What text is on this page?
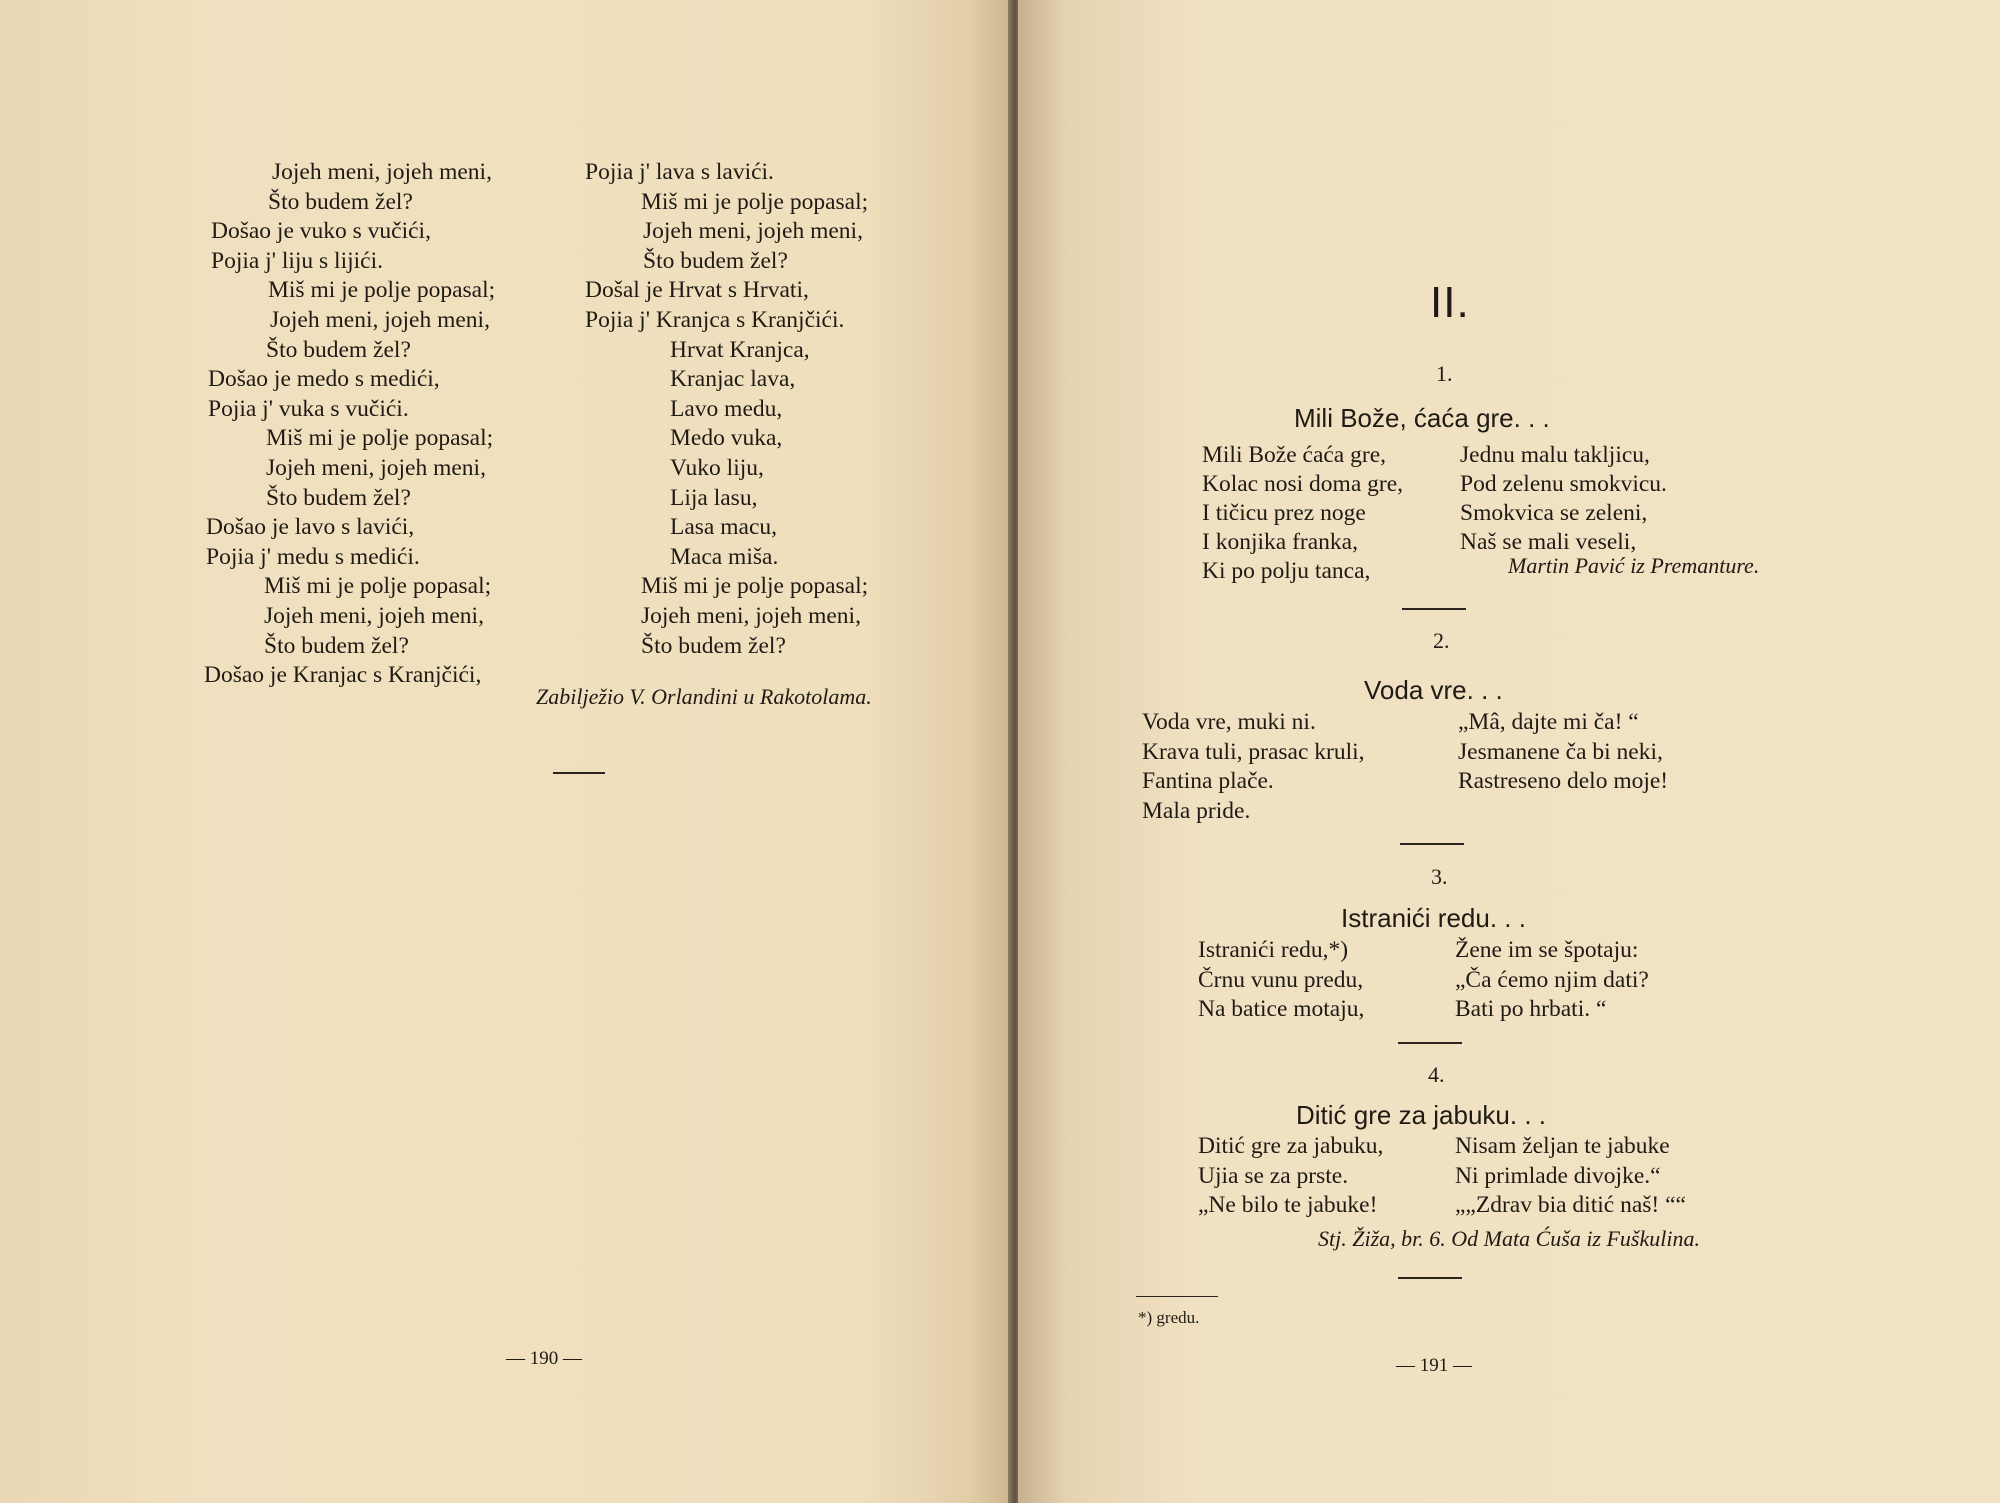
Jojeh meni, jojeh meni,
Što budem žel?
Došao je vuko s vučići,
Pojia j' liju s lijići.
Miš mi je polje popasal;
Jojeh meni, jojeh meni,
Što budem žel?
Došao je medo s medići,
Pojia j' vuka s vučići.
Miš mi je polje popasal;
Jojeh meni, jojeh meni,
Što budem žel?
Došao je lavo s lavići,
Pojia j' medu s medići.
Miš mi je polje popasal;
Jojeh meni, jojeh meni,
Što budem žel?
Došao je Kranjac s Kranjčići,
Pojia j' lava s lavići.
Miš mi je polje popasal;
Jojeh meni, jojeh meni,
Što budem žel?
Došal je Hrvat s Hrvati,
Pojia j' Kranjca s Kranjčići.
Hrvat Kranjca,
Kranjac lava,
Lavo medu,
Medo vuka,
Vuko liju,
Lija lasu,
Lasa macu,
Maca miša.
Miš mi je polje popasal;
Jojeh meni, jojeh meni,
Što budem žel?
Zabilježio V. Orlandini u Rakotolama.
— 190 —
II.
1.
Mili Bože, ćaća gre. . .
Mili Bože ćaća gre,
Kolac nosi doma gre,
I tičicu prez noge
I konjika franka,
Ki po polju tanca,
Jednu malu takljicu,
Pod zelenu smokvicu.
Smokvica se zeleni,
Naš se mali veseli,
Martin Pavić iz Premanture.
2.
Voda vre. . .
Voda vre, muki ni.
Krava tuli, prasac kruli,
Fantina plače.
Mala pride.
„Mâ, dajte mi ča! “
Jesmanene ča bi neki,
Rastreseno delo moje!
3.
Istranići redu. . .
Istranići redu,*)
Črnu vunu predu,
Na batice motaju,
Žene im se špotaju:
„Ča ćemo njim dati?
Bati po hrbati. “
4.
Ditić gre za jabuku. . .
Ditić gre za jabuku,
Ujia se za prste.
„Ne bilo te jabuke!
Nisam željan te jabuke
Ni primlade divojke.“
„„Zdrav bia ditić naš! ““
Stj. Žiža, br. 6. Od Mata Ćuša iz Fuškulina.
*) gredu.
— 191 —
